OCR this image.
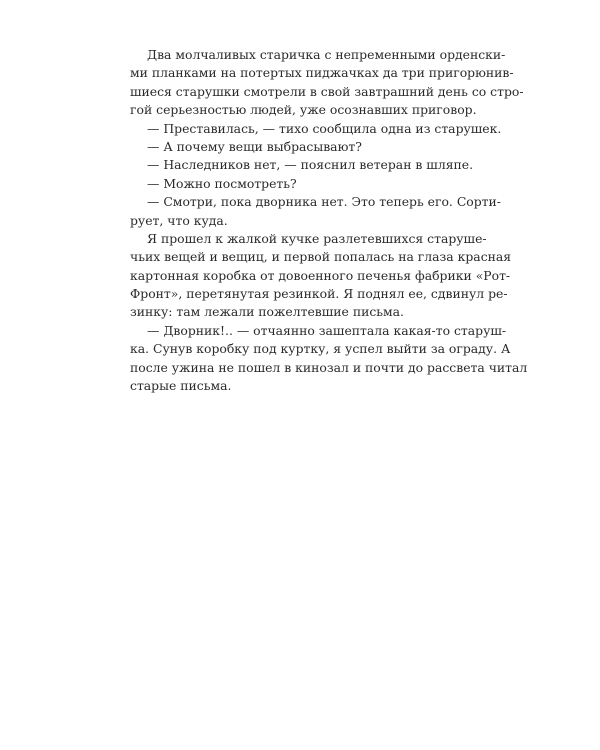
Два молчаливых старичка с непременными орденски-
ми планками на потертых пиджачках да три пригорюнив-
шиеся старушки смотрели в свой завтрашний день со стро-
гой серьезностью людей, уже осознавших приговор.
— Преставилась, — тихо сообщила одна из старушек.
— А почему вещи выбрасывают?
— Наследников нет, — пояснил ветеран в шляпе.
— Можно посмотреть?
— Смотри, пока дворника нет. Это теперь его. Сорти-
рует, что куда.
Я прошел к жалкой кучке разлетевшихся старуше-
чьих вещей и вещиц, и первой попалась на глаза красная
картонная коробка от довоенного печенья фабрики «Рот-
Фронт», перетянутая резинкой. Я поднял ее, сдвинул ре-
зинку: там лежали пожелтевшие письма.
— Дворник!.. — отчаянно зашептала какая-то старуш-
ка. Сунув коробку под куртку, я успел выйти за ограду. А
после ужина не пошел в кинозал и почти до рассвета читал
старые письма.
